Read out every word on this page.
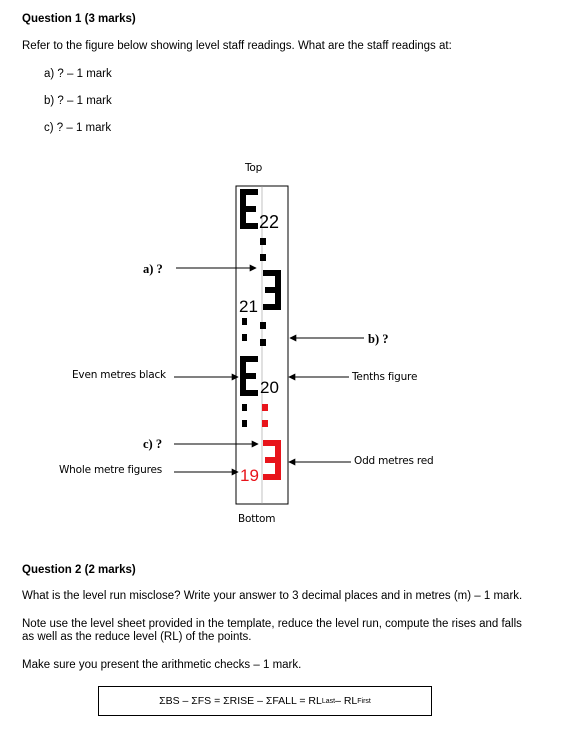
Question 1 (3 marks)
Refer to the figure below showing level staff readings. What are the staff readings at:
a) ? – 1 mark
b) ? – 1 mark
c) ? – 1 mark
Top
Bottom
a) ?
b) ?
c) ?
Even metres black	Tenths figure
Whole metre figures
Odd metres red
22
21
20
19
Question 2 (2 marks)
What is the level run misclose? Write your answer to 3 decimal places and in metres (m) – 1 mark.
Note use the level sheet provided in the template, reduce the level run, compute the rises and falls
as well as the reduce level (RL) of the points.
Make sure you present the arithmetic checks – 1 mark.
ΣBS – ΣFS = ΣRISE – ΣFALL = RL Last – RL First
